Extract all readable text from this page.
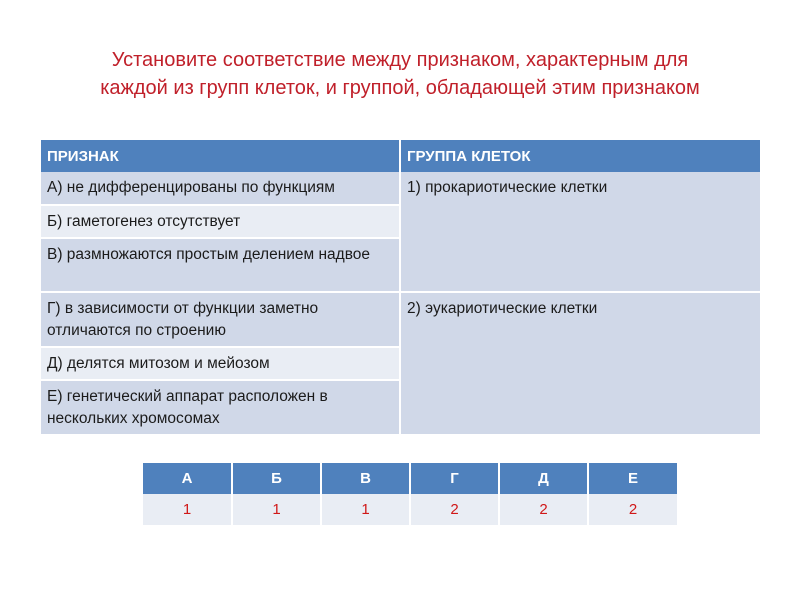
Установите соответствие между признаком, характерным для
каждой из групп клеток, и группой, обладающей этим признаком
ПРИЗНАК	ГРУППА КЛЕТОК
А) не дифференцированы по функциям	1) прокариотические клетки
Б) гаметогенез отсутствует	
В) размножаются простым делением надвое	
Г) в зависимости от функции заметно отличаются по строению	2) эукариотические клетки
Д) делятся митозом и мейозом	
Е) генетический аппарат расположен в нескольких хромосомах	
А	Б	В	Г	Д	Е
1	1	1	2	2	2
